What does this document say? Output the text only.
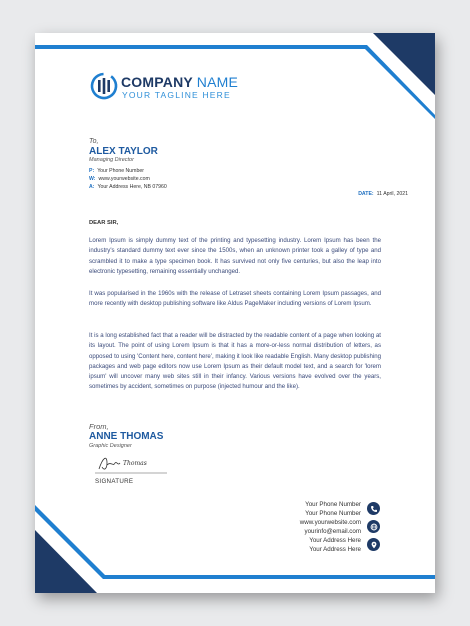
COMPANY NAME
YOUR TAGLINE HERE
To,
ALEX TAYLOR
Managing Director
P: Your Phone Number
W: www.yourwebsite.com
A: Your Address Here, NB 07960
DATE: 11 April, 2021
DEAR SIR,

Lorem Ipsum is simply dummy text of the printing and typesetting industry. Lorem Ipsum has been the industry's standard dummy text ever since the 1500s, when an unknown printer took a galley of type and scrambled it to make a type specimen book. It has survived not only five centuries, but also the leap into electronic typesetting, remaining essentially unchanged.

It was popularised in the 1960s with the release of Letraset sheets containing Lorem Ipsum passages, and more recently with desktop publishing software like Aldus PageMaker including versions of Lorem Ipsum.

It is a long established fact that a reader will be distracted by the readable content of a page when looking at its layout. The point of using Lorem Ipsum is that it has a more-or-less normal distribution of letters, as opposed to using 'Content here, content here', making it look like readable English. Many desktop publishing packages and web page editors now use Lorem Ipsum as their default model text, and a search for 'lorem ipsum' will uncover many web sites still in their infancy. Various versions have evolved over the years, sometimes by accident, sometimes on purpose (injected humour and the like).

From,
ANNE THOMAS
Graphic Designer
Thomas
SIGNATURE
Your Phone Number
Your Phone Number
www.yourwebsite.com
yourinfo@email.com
Your Address Here
Your Address Here
